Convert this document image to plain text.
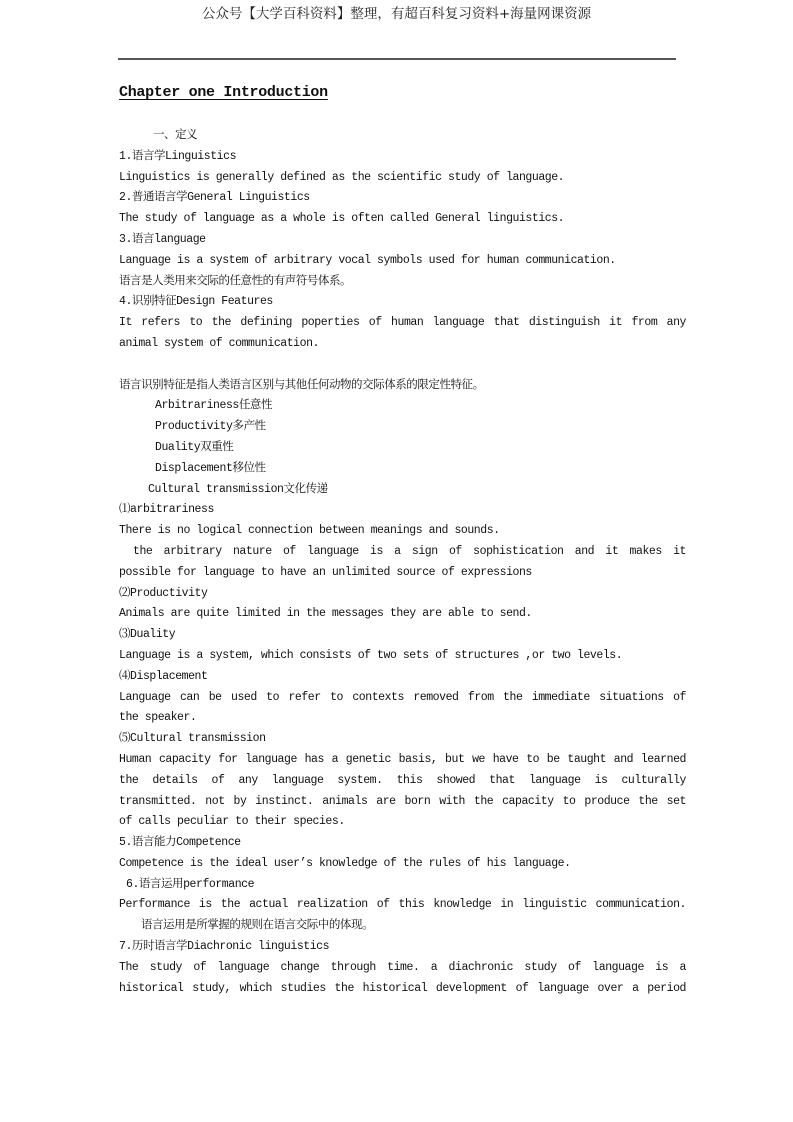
公众号【大学百科资料】整理，有超百科复习资料+海量网课资源
Chapter one Introduction
一、定义
1.语言学Linguistics
Linguistics is generally defined as the scientific study of language.
2.普通语言学General Linguistics
The study of language as a whole is often called General linguistics.
3.语言language
Language is a system of arbitrary vocal symbols used for human communication.
语言是人类用来交际的任意性的有声符号体系。
4.识别特征Design Features
It refers to the defining poperties of human language that distinguish it from any
animal system of communication.
语言识别特征是指人类语言区别与其他任何动物的交际体系的限定性特征。
Arbitrariness任意性
Productivity多产性
Duality双重性
Displacement移位性
Cultural transmission文化传递
⑴arbitrariness
There is no logical connection between meanings and sounds.
the arbitrary nature of language is a sign of sophistication and it makes it
possible for language to have an unlimited source of expressions
⑵Productivity
Animals are quite limited in the messages they are able to send.
⑶Duality
Language is a system, which consists of two sets of structures ,or two levels.
⑷Displacement
Language can be used to refer to contexts removed from the immediate situations of
the speaker.
⑸Cultural transmission
Human capacity for language has a genetic basis, but we have to be taught and learned
the details of any language system. this showed that language is culturally
transmitted. not by instinct. animals are born with the capacity to produce the set
of calls peculiar to their species.
5.语言能力Competence
Competence is the ideal user’s knowledge of the rules of his language.
6.语言运用performance
Performance is the actual realization of this knowledge in linguistic communication.
语言运用是所掌握的规则在语言交际中的体现。
7.历时语言学Diachronic linguistics
The study of language change through time. a diachronic study of language is a
historical study, which studies the historical development of language over a period
